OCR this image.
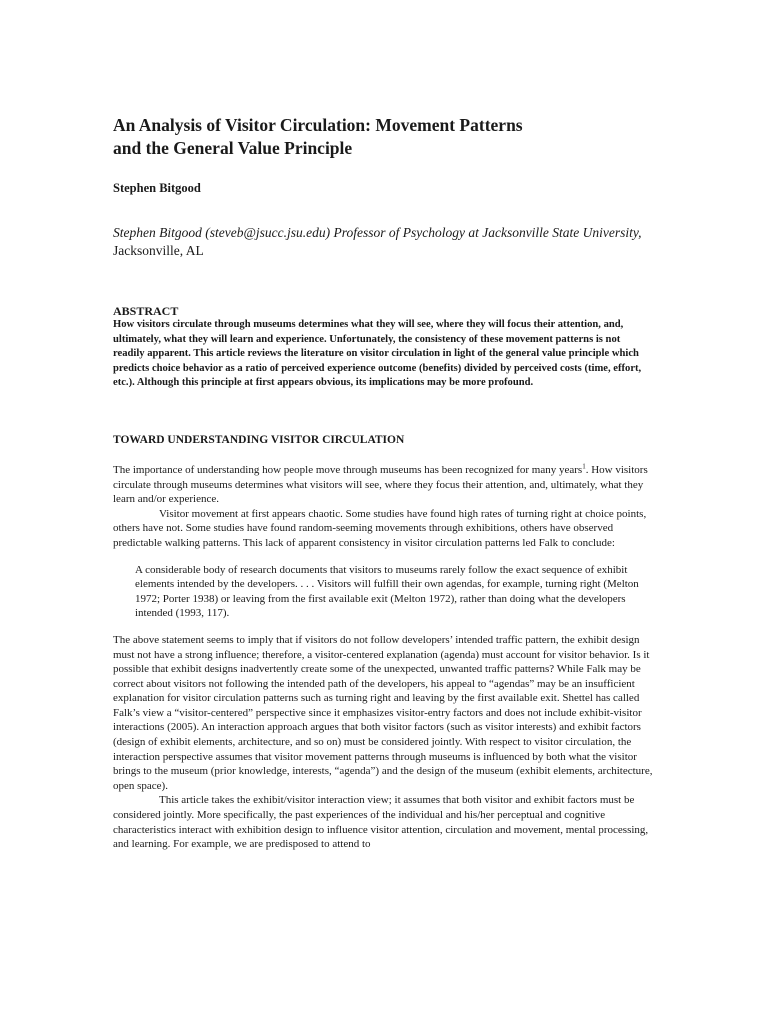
An Analysis of Visitor Circulation: Movement Patterns
and the General Value Principle

Stephen Bitgood

Stephen Bitgood (steveb@jsucc.jsu.edu) Professor of Psychology at Jacksonville State University, Jacksonville, AL

ABSTRACT

How visitors circulate through museums determines what they will see, where they will focus their attention, and, ultimately, what they will learn and experience. Unfortunately, the consistency of these movement patterns is not readily apparent. This article reviews the literature on visitor circulation in light of the general value principle which predicts choice behavior as a ratio of perceived experience outcome (benefits) divided by perceived costs (time, effort, etc.). Although this principle at first appears obvious, its implications may be more profound.

TOWARD UNDERSTANDING VISITOR CIRCULATION

The importance of understanding how people move through museums has been recognized for many years$^1$. How visitors circulate through museums determines what visitors will see, where they focus their attention, and, ultimately, what they learn and/or experience.

Visitor movement at first appears chaotic. Some studies have found high rates of turning right at choice points, others have not. Some studies have found random-seeming movements through exhibitions, others have observed predictable walking patterns. This lack of apparent consistency in visitor circulation patterns led Falk to conclude:

A considerable body of research documents that visitors to museums rarely follow the exact sequence of exhibit elements intended by the developers. . . . Visitors will fulfill their own agendas, for example, turning right (Melton 1972; Porter 1938) or leaving from the first available exit (Melton 1972), rather than doing what the developers intended (1993, 117).

The above statement seems to imply that if visitors do not follow developers’ intended traffic pattern, the exhibit design must not have a strong influence; therefore, a visitor-centered explanation (agenda) must account for visitor behavior. Is it possible that exhibit designs inadvertently create some of the unexpected, unwanted traffic patterns? While Falk may be correct about visitors not following the intended path of the developers, his appeal to “agendas” may be an insufficient explanation for visitor circulation patterns such as turning right and leaving by the first available exit. Shettel has called Falk’s view a “visitor-centered” perspective since it emphasizes visitor-entry factors and does not include exhibit-visitor interactions (2005). An interaction approach argues that both visitor factors (such as visitor interests) and exhibit factors (design of exhibit elements, architecture, and so on) must be considered jointly. With respect to visitor circulation, the interaction perspective assumes that visitor movement patterns through museums is influenced by both what the visitor brings to the museum (prior knowledge, interests, “agenda”) and the design of the museum (exhibit elements, architecture, open space).

This article takes the exhibit/visitor interaction view; it assumes that both visitor and exhibit factors must be considered jointly. More specifically, the past experiences of the individual and his/her perceptual and cognitive characteristics interact with exhibition design to influence visitor attention, circulation and movement, mental processing, and learning. For example, we are predisposed to attend to
